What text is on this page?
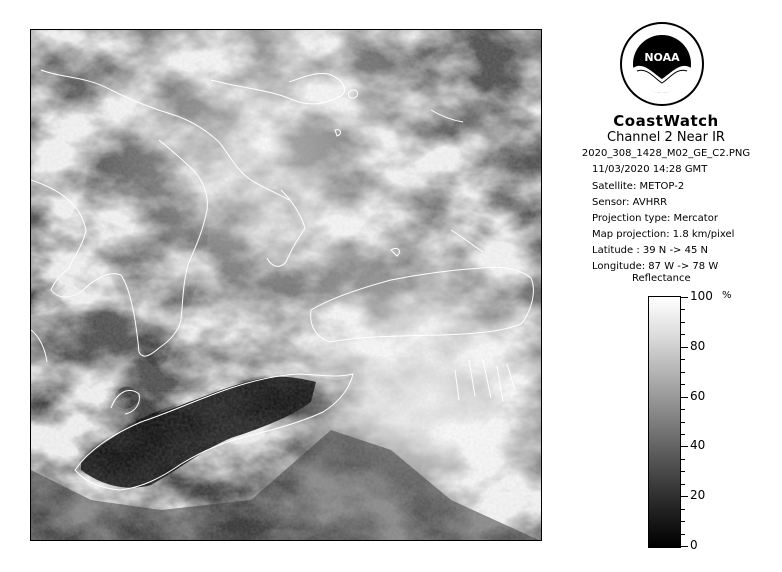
NOAA
CoastWatch
Channel 2 Near IR
2020_308_1428_M02_GE_C2.PNG
11/03/2020 14:28 GMT
Satellite: METOP-2
Sensor: AVHRR
Projection type: Mercator
Map projection: 1.8 km/pixel
Latitude : 39 N -> 45 N
Longitude: 87 W -> 78 W
Reflectance
%
100
80
60
40
20
0
